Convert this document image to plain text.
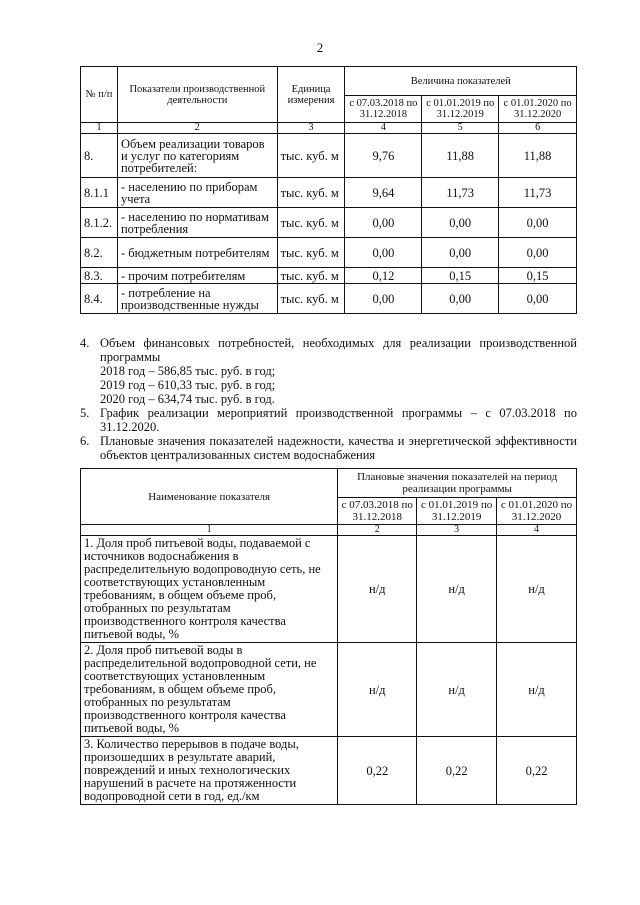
2
№ п/п	Показатели производственной деятельности	Единица измерения	Величина показателей		
			с 07.03.2018 по 31.12.2018	с 01.01.2019 по 31.12.2019	с 01.01.2020 по 31.12.2020
1	2	3	4	5	6
8.	Объем реализации товаров и услуг по категориям потребителей:	тыс. куб. м	9,76	11,88	11,88
8.1.1	- населению по приборам учета	тыс. куб. м	9,64	11,73	11,73
8.1.2.	- населению по нормативам потребления	тыс. куб. м	0,00	0,00	0,00
8.2.	- бюджетным потребителям	тыс. куб. м	0,00	0,00	0,00
8.3.	- прочим потребителям	тыс. куб. м	0,12	0,15	0,15
8.4.	- потребление на производственные нужды	тыс. куб. м	0,00	0,00	0,00
4. Объем финансовых потребностей, необходимых для реализации производственной программы
2018 год – 586,85 тыс. руб. в год;
2019 год – 610,33 тыс. руб. в год;
2020 год – 634,74 тыс. руб. в год.
5. График реализации мероприятий производственной программы – с 07.03.2018 по 31.12.2020.
6. Плановые значения показателей надежности, качества и энергетической эффективности объектов централизованных систем водоснабжения
Наименование показателя	Плановые значения показателей на период реализации программы		
	с 07.03.2018 по 31.12.2018	с 01.01.2019 по 31.12.2019	с 01.01.2020 по 31.12.2020
1	2	3	4
1. Доля проб питьевой воды, подаваемой с источников водоснабжения в распределительную водопроводную сеть, не соответствующих установленным требованиям, в общем объеме проб, отобранных по результатам производственного контроля качества питьевой воды, %	н/д	н/д	н/д
2. Доля проб питьевой воды в распределительной водопроводной сети, не соответствующих установленным требованиям, в общем объеме проб, отобранных по результатам производственного контроля качества питьевой воды, %	н/д	н/д	н/д
3. Количество перерывов в подаче воды, произошедших в результате аварий, повреждений и иных технологических нарушений в расчете на протяженности водопроводной сети в год, ед./км	0,22	0,22	0,22
